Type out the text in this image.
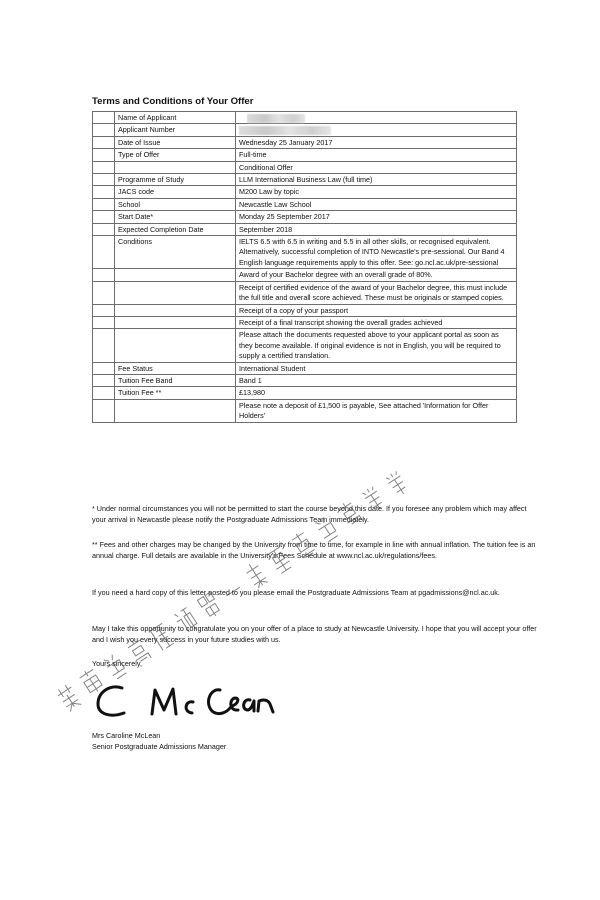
Terms and Conditions of Your Offer
	Name of Applicant	
	Applicant Number	
	Date of Issue	Wednesday 25 January 2017
	Type of Offer	Full-time
		Conditional Offer
	Programme of Study	LLM International Business Law (full time)
	JACS code	M200 Law by topic
	School	Newcastle Law School
	Start Date*	Monday 25 September 2017
	Expected Completion Date	September 2018
	Conditions	IELTS 6.5 with 6.5 in writing and 5.5 in all other skills, or recognised equivalent. Alternatively, successful completion of INTO Newcastle's pre-sessional. Our Band 4 English language requirements apply to this offer. See: go.ncl.ac.uk/pre-sessional
		Award of your Bachelor degree with an overall grade of 80%.
		Receipt of certified evidence of the award of your Bachelor degree, this must include the full title and overall score achieved. These must be originals or stamped copies.
		Receipt of a copy of your passport
		Receipt of a final transcript showing the overall grades achieved
		Please attach the documents requested above to your applicant portal as soon as they become available. If original evidence is not in English, you will be required to supply a certified translation.
	Fee Status	International Student
	Tuition Fee Band	Band 1
	Tuition Fee **	£13,980
		Please note a deposit of £1,500 is payable, See attached 'Information for Offer Holders'

* Under normal circumstances you will not be permitted to start the course beyond this date. If you foresee any problem which may affect your arrival in Newcastle please notify the Postgraduate Admissions Team immediately.

** Fees and other charges may be changed by the University from time to time, for example in line with annual inflation. The tuition fee is an annual charge. Full details are available in the University's Fees Schedule at www.ncl.ac.uk/regulations/fees.

If you need a hard copy of this letter posted to you please email the Postgraduate Admissions Team at pgadmissions@ncl.ac.uk.

May I take this opportunity to congratulate you on your offer of a place to study at Newcastle University. I hope that you will accept your offer and I wish you every success in your future studies with us.

Yours sincerely,

Mrs Caroline McLean
Senior Postgraduate Admissions Manager
